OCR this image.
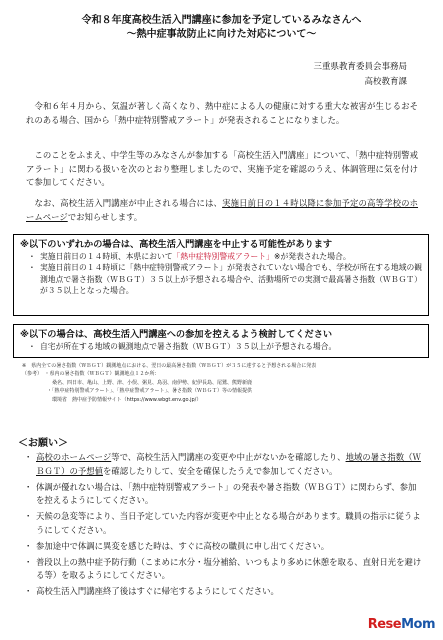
令和８年度高校生活入門講座に参加を予定しているみなさんへ
～熱中症事故防止に向けた対応について～
三重県教育委員会事務局
高校教育課
　令和６年４月から、気温が著しく高くなり、熱中症による人の健康に対する重大な被害が生じるおそれのある場合、国から「熱中症特別警戒アラート」が発表されることになりました。
　このことをふまえ、中学生等のみなさんが参加する「高校生活入門講座」について、「熱中症特別警戒アラート」に関わる扱いを次のとおり整理しましたので、実施予定を確認のうえ、体調管理に気を付けて参加してください。
　なお、高校生活入門講座が中止される場合には、実施日前日の１４時以降に参加予定の高等学校のホームページでお知らせします。
※以下のいずれかの場合は、高校生活入門講座を中止する可能性があります
・ 実施日前日の１４時頃、本県において「熱中症特別警戒アラート」※が発表された場合。
・ 実施日前日の１４時頃に「熱中症特別警戒アラート」が発表されていない場合でも、学校が所在する地域の観測地点で暑さ指数（ＷＢＧＴ）３５以上が予想される場合や、活動場所での実測で最高暑さ指数（ＷＢＧＴ）が３５以上となった場合。
※以下の場合は、高校生活入門講座への参加を控えるよう検討してください
・ 自宅が所在する地域の観測地点で暑さ指数（ＷＢＧＴ）３５以上が予想される場合。
※　県内全ての暑さ指数（ＷＢＧＴ）観測地点における、翌日の最高暑さ指数（ＷＢＧＴ）が３５に達すると予想される場合に発表
（参考）　・県内の暑さ指数（ＷＢＧＴ）観測地点１２か所：
　　　　　　桑名、四日市、亀山、上野、津、小俣、粥見、鳥羽、南伊勢、紀伊長島、尾鷲、熊野新鹿
　　　　　・「熱中症特別警戒アラート」、「熱中症警戒アラート」、暑さ指数（ＷＢＧＴ）等の情報提供
　　　　　　環境省　熱中症予防情報サイト（https://www.wbgt.env.go.jp/）
＜お願い＞
・ 高校のホームページ等で、高校生活入門講座の変更や中止がないかを確認したり、地域の暑さ指数（ＷＢＧＴ）の予想値を確認したりして、安全を確保したうえで参加してください。
・ 体調が優れない場合は、「熱中症特別警戒アラート」の発表や暑さ指数（ＷＢＧＴ）に関わらず、参加を控えるようにしてください。
・ 天候の急変等により、当日予定していた内容が変更や中止となる場合があります。職員の指示に従うようにしてください。
・ 参加途中で体調に異変を感じた時は、すぐに高校の職員に申し出てください。
・ 普段以上の熱中症予防行動（こまめに水分・塩分補給、いつもより多めに休憩を取る、直射日光を避ける等）を取るようにしてください。
・ 高校生活入門講座終了後はすぐに帰宅するようにしてください。
ReseMom
